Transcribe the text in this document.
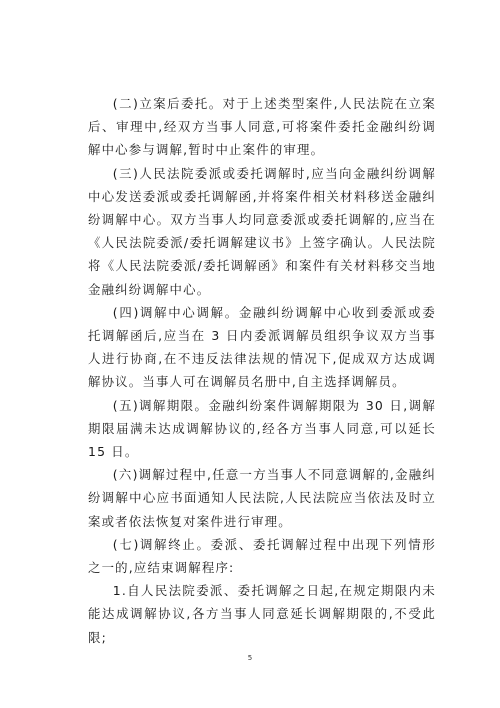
(二)立案后委托。对于上述类型案件,人民法院在立案后、审理中,经双方当事人同意,可将案件委托金融纠纷调解中心参与调解,暂时中止案件的审理。

(三)人民法院委派或委托调解时,应当向金融纠纷调解中心发送委派或委托调解函,并将案件相关材料移送金融纠纷调解中心。双方当事人均同意委派或委托调解的,应当在《人民法院委派/委托调解建议书》上签字确认。人民法院将《人民法院委派/委托调解函》和案件有关材料移交当地金融纠纷调解中心。

(四)调解中心调解。金融纠纷调解中心收到委派或委托调解函后,应当在 3 日内委派调解员组织争议双方当事人进行协商,在不违反法律法规的情况下,促成双方达成调解协议。当事人可在调解员名册中,自主选择调解员。

(五)调解期限。金融纠纷案件调解期限为 30 日,调解期限届满未达成调解协议的,经各方当事人同意,可以延长 15 日。

(六)调解过程中,任意一方当事人不同意调解的,金融纠纷调解中心应书面通知人民法院,人民法院应当依法及时立案或者依法恢复对案件进行审理。

(七)调解终止。委派、委托调解过程中出现下列情形之一的,应结束调解程序:

1.自人民法院委派、委托调解之日起,在规定期限内未能达成调解协议,各方当事人同意延长调解期限的,不受此限;

5
